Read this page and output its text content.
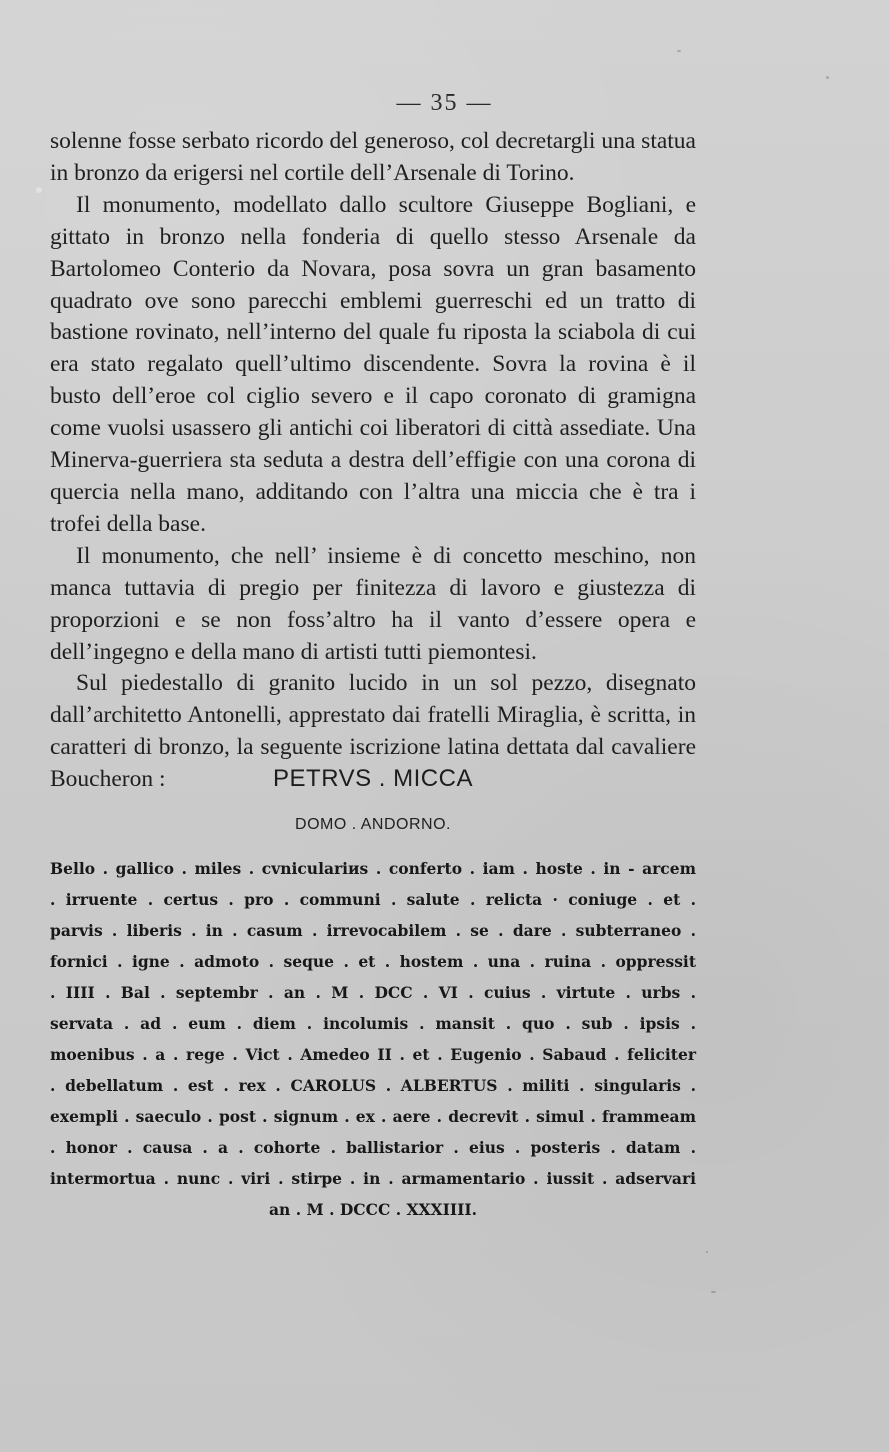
— 35 —

solenne fosse serbato ricordo del generoso, col decretargli una statua in bronzo da erigersi nel cortile dell’Arsenale di Torino.

Il monumento, modellato dallo scultore Giuseppe Bogliani, e gittato in bronzo nella fonderia di quello stesso Arsenale da Bartolomeo Conterio da Novara, posa sovra un gran basamento quadrato ove sono parecchi emblemi guerreschi ed un tratto di bastione rovinato, nell’interno del quale fu riposta la sciabola di cui era stato regalato quell’ultimo discendente. Sovra la rovina è il busto dell’eroe col ciglio severo e il capo coronato di gramigna come vuolsi usassero gli antichi coi liberatori di città assediate. Una Minerva-guerriera sta seduta a destra dell’effigie con una corona di quercia nella mano, additando con l’altra una miccia che è tra i trofei della base.

Il monumento, che nell’ insieme è di concetto meschino, non manca tuttavia di pregio per finitezza di lavoro e giustezza di proporzioni e se non foss’altro ha il vanto d’essere opera e dell’ingegno e della mano di artisti tutti piemontesi.

Sul piedestallo di granito lucido in un sol pezzo, disegnato dall’architetto Antonelli, apprestato dai fratelli Miraglia, è scritta, in caratteri di bronzo, la seguente iscrizione latina dettata dal cavaliere Boucheron :	PETRVS . MICCA
DOMO . ANDORNO.
Bello . gallico . miles . cvniculariиs . conferto . iam . hoste . in - arcem
. irruente . certus . pro . communi . salute . relicta · coniuge . et .
parvis . liberis . in . casum . irrevocabilem . se . dare . subterraneo .
fornici . igne . admoto . seque . et . hostem . una . ruina . oppressit
. IIII . Bal . septembr . an . M . DCC . VI . cuius . virtute . urbs .
servata . ad . eum . diem . incolumis . mansit . quo . sub . ipsis .
moenibus . a . rege . Vict . Amedeo II . et . Eugenio . Sabaud . feliciter
. debellatum . est . rex . CAROLUS . ALBERTUS . militi . singularis .
exempli . saeculo . post . signum . ex . aere . decrevit . simul . frammeam
. honor . causa . a . cohorte . ballistarior . eius . posteris . datam .
intermortua . nunc . viri . stirpe . in . armamentario . iussit . adservari
an . M . DCCC . XXXIIII.
